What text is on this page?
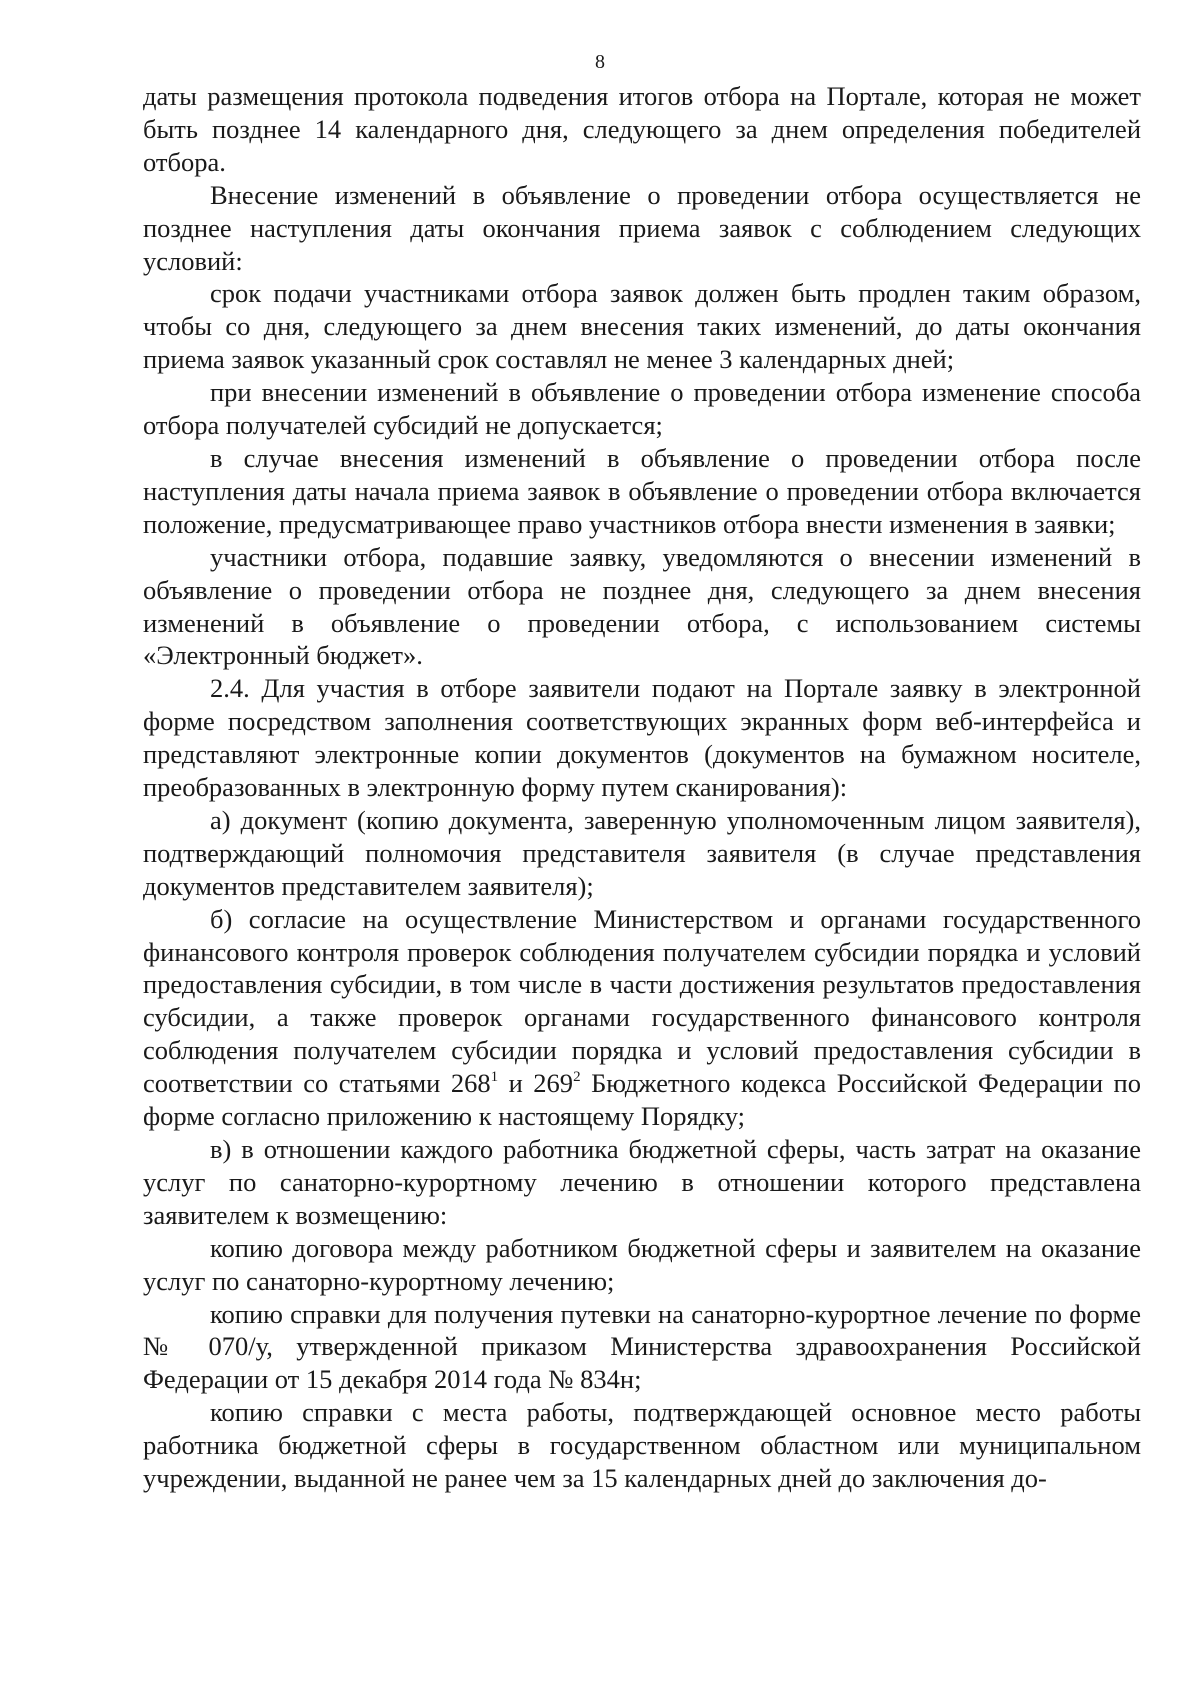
8

даты размещения протокола подведения итогов отбора на Портале, которая не может быть позднее 14 календарного дня, следующего за днем определения победителей отбора.

Внесение изменений в объявление о проведении отбора осуществляется не позднее наступления даты окончания приема заявок с соблюдением следующих условий:

срок подачи участниками отбора заявок должен быть продлен таким образом, чтобы со дня, следующего за днем внесения таких изменений, до даты окончания приема заявок указанный срок составлял не менее 3 календарных дней;

при внесении изменений в объявление о проведении отбора изменение способа отбора получателей субсидий не допускается;

в случае внесения изменений в объявление о проведении отбора после наступления даты начала приема заявок в объявление о проведении отбора включается положение, предусматривающее право участников отбора внести изменения в заявки;

участники отбора, подавшие заявку, уведомляются о внесении изменений в объявление о проведении отбора не позднее дня, следующего за днем внесения изменений в объявление о проведении отбора, с использованием системы «Электронный бюджет».

2.4. Для участия в отборе заявители подают на Портале заявку в электронной форме посредством заполнения соответствующих экранных форм веб-интерфейса и представляют электронные копии документов (документов на бумажном носителе, преобразованных в электронную форму путем сканирования):

а) документ (копию документа, заверенную уполномоченным лицом заявителя), подтверждающий полномочия представителя заявителя (в случае представления документов представителем заявителя);

б) согласие на осуществление Министерством и органами государственного финансового контроля проверок соблюдения получателем субсидии порядка и условий предоставления субсидии, в том числе в части достижения результатов предоставления субсидии, а также проверок органами государственного финансового контроля соблюдения получателем субсидии порядка и условий предоставления субсидии в соответствии со статьями $268^1$ и $269^2$ Бюджетного кодекса Российской Федерации по форме согласно приложению к настоящему Порядку;

в) в отношении каждого работника бюджетной сферы, часть затрат на оказание услуг по санаторно-курортному лечению в отношении которого представлена заявителем к возмещению:

копию договора между работником бюджетной сферы и заявителем на оказание услуг по санаторно-курортному лечению;

копию справки для получения путевки на санаторно-курортное лечение по форме № 070/у, утвержденной приказом Министерства здравоохранения Российской Федерации от 15 декабря 2014 года № 834н;

копию справки с места работы, подтверждающей основное место работы работника бюджетной сферы в государственном областном или муниципальном учреждении, выданной не ранее чем за 15 календарных дней до заключения до-
